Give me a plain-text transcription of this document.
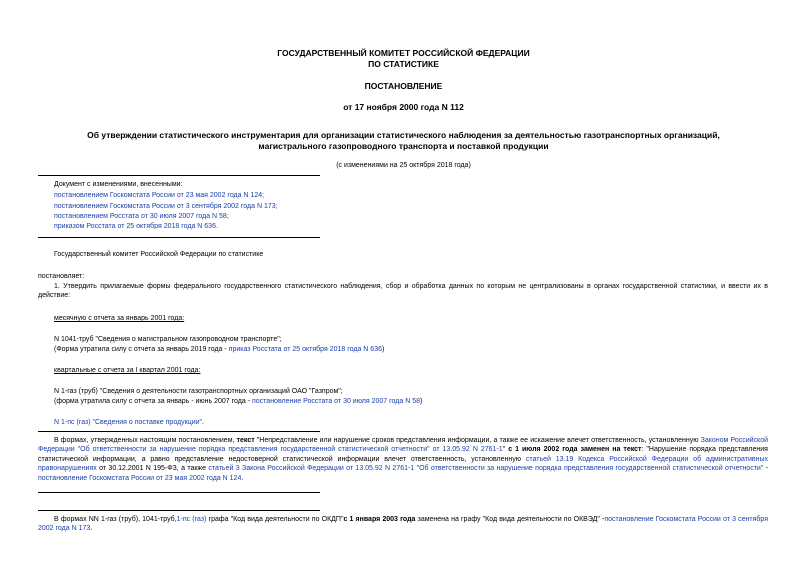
ГОСУДАРСТВЕННЫЙ КОМИТЕТ РОССИЙСКОЙ ФЕДЕРАЦИИ
ПО СТАТИСТИКЕ
ПОСТАНОВЛЕНИЕ
от 17 ноября 2000 года N 112
Об утверждении статистического инструментария для организации статистического наблюдения за деятельностью газотранспортных организаций,
магистрального газопроводного транспорта и поставкой продукции
(с изменениями на 25 октября 2018 года)
Документ с изменениями, внесенными:
постановлением Госкомстата России от 23 мая 2002 года N 124;
постановлением Госкомстата России от 3 сентября 2002 года N 173;
постановлением Росстата от 30 июля 2007 года N 58;
приказом Росстата от 25 октября 2018 года N 636.
Государственный комитет Российской Федерации по статистике
постановляет:
1. Утвердить прилагаемые формы федерального государственного статистического наблюдения, сбор и обработка данных по которым не централизованы в органах государственной статистики, и ввести их в действие:
месячную с отчета за январь 2001 года:
N 1041-труб "Сведения о магистральном газопроводном транспорте";
(Форма утратила силу с отчета за январь 2019 года - приказ Росстата от 25 октября 2018 года N 636)
квартальные с отчета за I квартал 2001 года:
N 1-газ (труб) "Сведения о деятельности газотранспортных организаций ОАО "Газпром";
(форма утратила силу с отчета за январь - июнь 2007 года - постановление Росстата от 30 июля 2007 года N 58)
N 1-пс (газ) "Сведения о поставке продукции".
В формах, утвержденных настоящим постановлением, текст "Непредставление или нарушение сроков представления информации, а также ее искажение влечет ответственность, установленную Законом Российской Федерации "Об ответственности за нарушение порядка представления государственной статистической отчетности" от 13.05.92 N 2761-1" с 1 июля 2002 года заменен на текст: "Нарушение порядка представления статистической информации, а равно представление недостоверной статистической информации влечет ответственность, установленную статьей 13.19 Кодекса Российской Федерации об административных правонарушениях от 30.12.2001 N 195-ФЗ, а также статьей 3 Закона Российской Федерации от 13.05.92 N 2761-1 "Об ответственности за нарушение порядка представления государственной статистической отчетности" - постановление Госкомстата России от 23 мая 2002 года N 124.
В формах NN 1-газ (труб), 1041-труб,1-пс (газ) графа "Код вида деятельности по ОКДП"с 1 января 2003 года заменена на графу "Код вида деятельности по ОКВЭД" -постановление Госкомстата России от 3 сентября 2002 года N 173.
